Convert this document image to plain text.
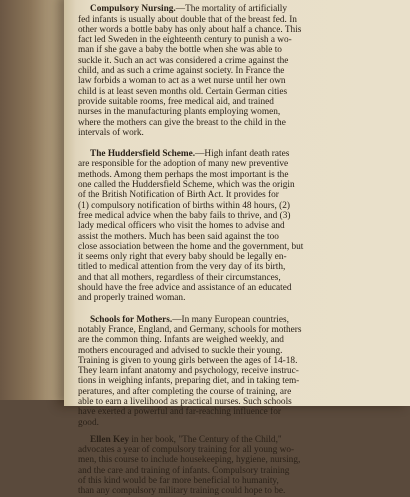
Compulsory Nursing.—The mortality of artificially
fed infants is usually about double that of the breast fed. In
other words a bottle baby has only about half a chance. This
fact led Sweden in the eighteenth century to punish a wo-
man if she gave a baby the bottle when she was able to
suckle it. Such an act was considered a crime against the
child, and as such a crime against society. In France the
law forbids a woman to act as a wet nurse until her own
child is at least seven months old. Certain German cities
provide suitable rooms, free medical aid, and trained
nurses in the manufacturing plants employing women,
where the mothers can give the breast to the child in the
intervals of work.

The Huddersfield Scheme.—High infant death rates
are responsible for the adoption of many new preventive
methods. Among them perhaps the most important is the
one called the Huddersfield Scheme, which was the origin
of the British Notification of Birth Act. It provides for
(1) compulsory notification of births within 48 hours, (2)
free medical advice when the baby fails to thrive, and (3)
lady medical officers who visit the homes to advise and
assist the mothers. Much has been said against the too
close association between the home and the government, but
it seems only right that every baby should be legally en-
titled to medical attention from the very day of its birth,
and that all mothers, regardless of their circumstances,
should have the free advice and assistance of an educated
and properly trained woman.

Schools for Mothers.—In many European countries,
notably France, England, and Germany, schools for mothers
are the common thing. Infants are weighed weekly, and
mothers encouraged and advised to suckle their young.
Training is given to young girls between the ages of 14-18.
They learn infant anatomy and psychology, receive instruc-
tions in weighing infants, preparing diet, and in taking tem-
peratures, and after completing the course of training, are
able to earn a livelihood as practical nurses. Such schools
have exerted a powerful and far-reaching influence for
good.

Ellen Key in her book, "The Century of the Child,"
advocates a year of compulsory training for all young wo-
men, this course to include housekeeping, hygiene, nursing,
and the care and training of infants. Compulsory training
of this kind would be far more beneficial to humanity,
than any compulsory military training could hope to be.
